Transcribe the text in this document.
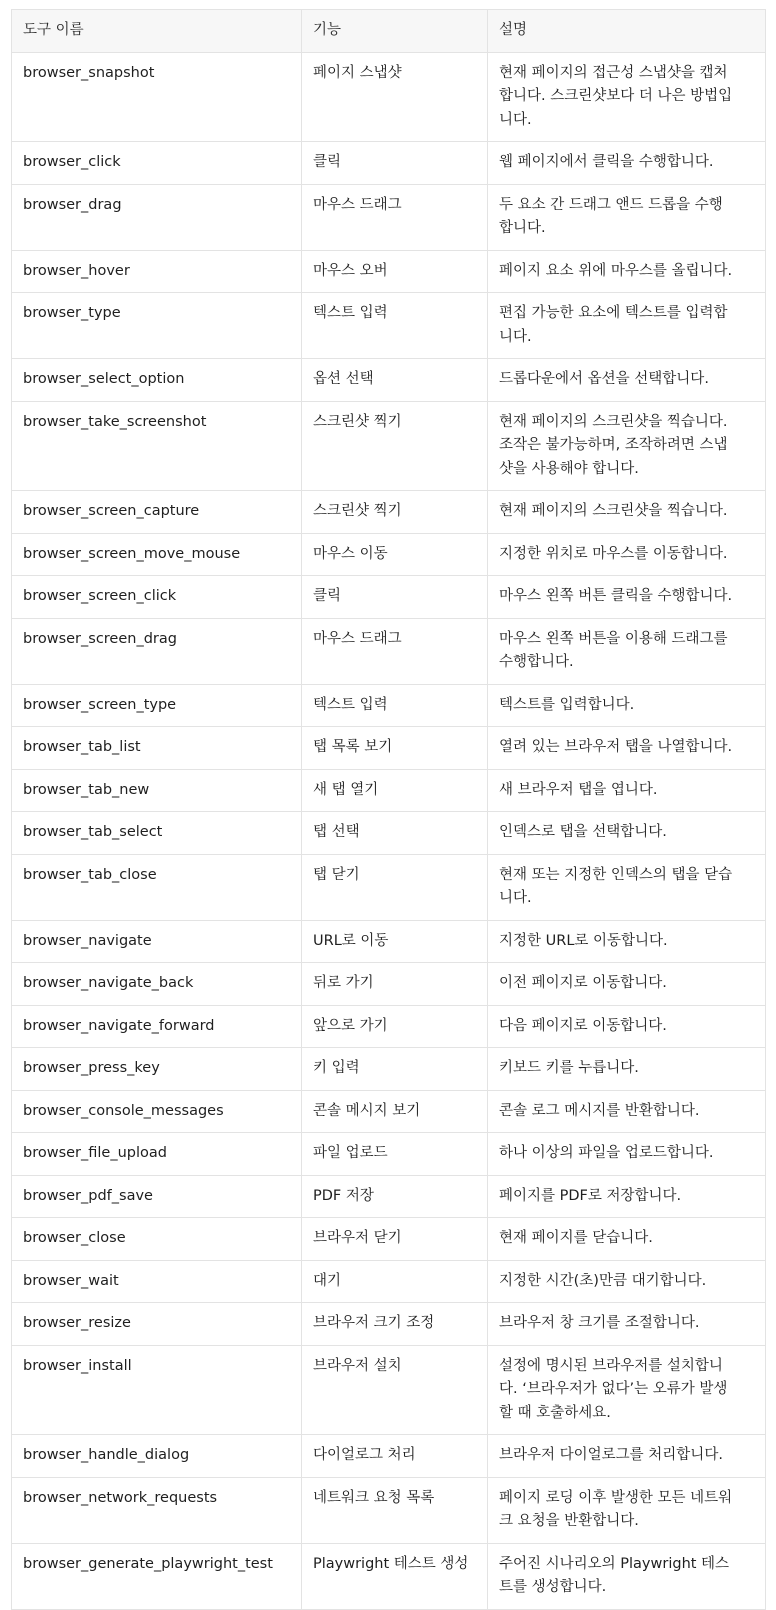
도구 이름	기능	설명
browser_snapshot	페이지 스냅샷	현재 페이지의 접근성 스냅샷을 캡처
합니다. 스크린샷보다 더 나은 방법입
니다.

browser_click	클릭	웹 페이지에서 클릭을 수행합니다.

browser_drag	마우스 드래그	두 요소 간 드래그 앤드 드롭을 수행
합니다.

browser_hover	마우스 오버	페이지 요소 위에 마우스를 올립니다.

browser_type	텍스트 입력	편집 가능한 요소에 텍스트를 입력합
니다.

browser_select_option	옵션 선택	드롭다운에서 옵션을 선택합니다.

browser_take_screenshot	스크린샷 찍기	현재 페이지의 스크린샷을 찍습니다.
조작은 불가능하며, 조작하려면 스냅
샷을 사용해야 합니다.

browser_screen_capture	스크린샷 찍기	현재 페이지의 스크린샷을 찍습니다.

browser_screen_move_mouse	마우스 이동	지정한 위치로 마우스를 이동합니다.

browser_screen_click	클릭	마우스 왼쪽 버튼 클릭을 수행합니다.

browser_screen_drag	마우스 드래그	마우스 왼쪽 버튼을 이용해 드래그를
수행합니다.

browser_screen_type	텍스트 입력	텍스트를 입력합니다.

browser_tab_list	탭 목록 보기	열려 있는 브라우저 탭을 나열합니다.

browser_tab_new	새 탭 열기	새 브라우저 탭을 엽니다.

browser_tab_select	탭 선택	인덱스로 탭을 선택합니다.

browser_tab_close	탭 닫기	현재 또는 지정한 인덱스의 탭을 닫습
니다.

browser_navigate	URL로 이동	지정한 URL로 이동합니다.

browser_navigate_back	뒤로 가기	이전 페이지로 이동합니다.

browser_navigate_forward	앞으로 가기	다음 페이지로 이동합니다.

browser_press_key	키 입력	키보드 키를 누릅니다.

browser_console_messages	콘솔 메시지 보기	콘솔 로그 메시지를 반환합니다.

browser_file_upload	파일 업로드	하나 이상의 파일을 업로드합니다.

browser_pdf_save	PDF 저장	페이지를 PDF로 저장합니다.

browser_close	브라우저 닫기	현재 페이지를 닫습니다.

browser_wait	대기	지정한 시간(초)만큼 대기합니다.

browser_resize	브라우저 크기 조정	브라우저 창 크기를 조절합니다.

browser_install	브라우저 설치	설정에 명시된 브라우저를 설치합니
다. ‘브라우저가 없다’는 오류가 발생
할 때 호출하세요.

browser_handle_dialog	다이얼로그 처리	브라우저 다이얼로그를 처리합니다.

browser_network_requests	네트워크 요청 목록	페이지 로딩 이후 발생한 모든 네트워
크 요청을 반환합니다.

browser_generate_playwright_test	Playwright 테스트 생성	주어진 시나리오의 Playwright 테스
트를 생성합니다.
